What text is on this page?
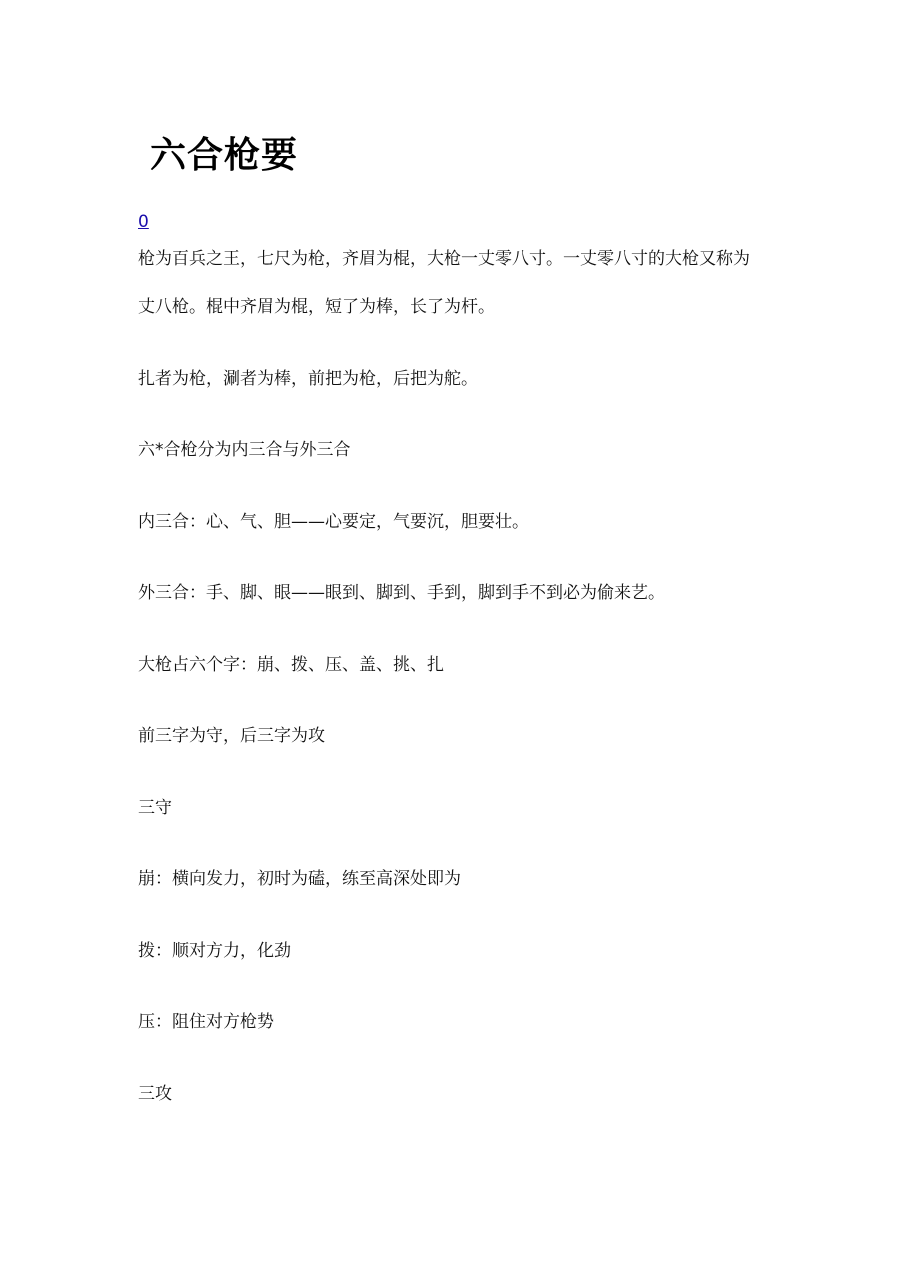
六合枪要
0

枪为百兵之王，七尺为枪，齐眉为棍，大枪一丈零八寸。一丈零八寸的大枪又称为

丈八枪。棍中齐眉为棍，短了为棒，长了为杆。

扎者为枪，涮者为棒，前把为枪，后把为舵。

六*合枪分为内三合与外三合

内三合：心、气、胆——心要定，气要沉，胆要壮。

外三合：手、脚、眼——眼到、脚到、手到，脚到手不到必为偷来艺。

大枪占六个字：崩、拨、压、盖、挑、扎

前三字为守，后三字为攻

三守

崩：横向发力，初时为磕，练至高深处即为

拨：顺对方力，化劲

压：阻住对方枪势

三攻
